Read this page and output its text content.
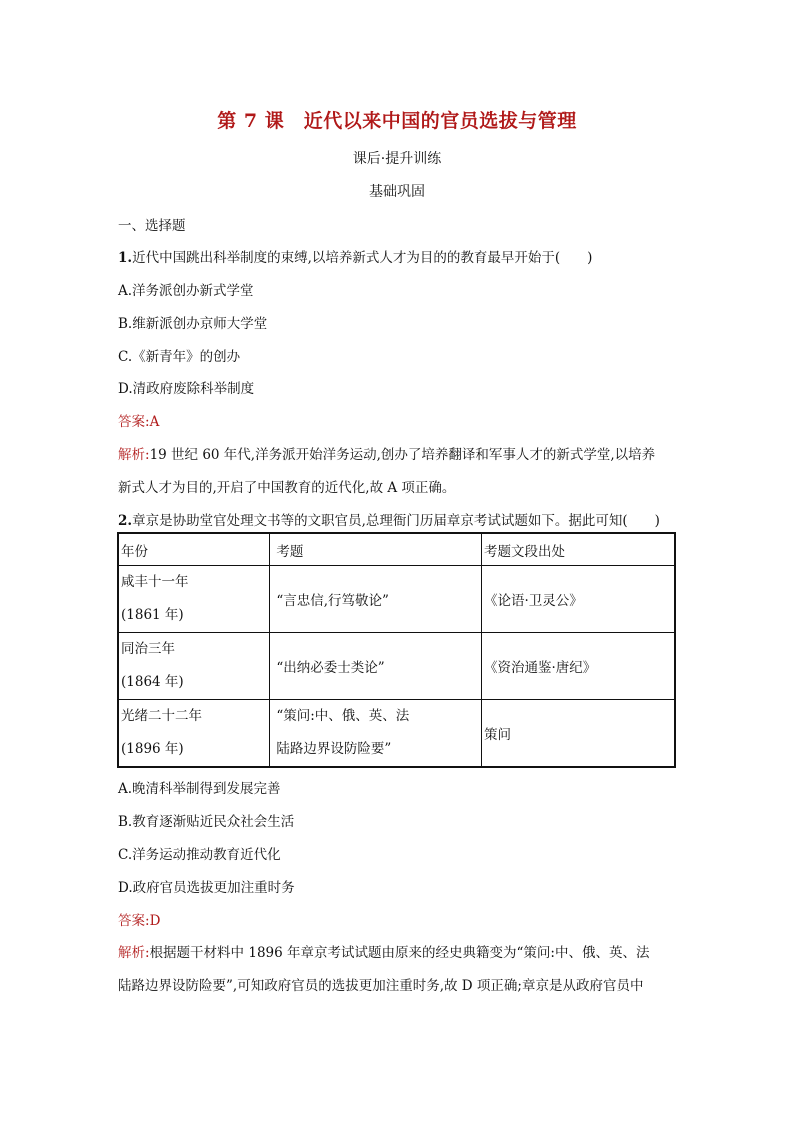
第 7 课　近代以来中国的官员选拔与管理
课后·提升训练
基础巩固
一、选择题
1.近代中国跳出科举制度的束缚,以培养新式人才为目的的教育最早开始于(　　)
A.洋务派创办新式学堂
B.维新派创办京师大学堂
C.《新青年》的创办
D.清政府废除科举制度
答案:A
解析:19 世纪 60 年代,洋务派开始洋务运动,创办了培养翻译和军事人才的新式学堂,以培养
新式人才为目的,开启了中国教育的近代化,故 A 项正确。
2.章京是协助堂官处理文书等的文职官员,总理衙门历届章京考试试题如下。据此可知(　　)
年份	考题	考题文段出处

咸丰十一年
(1861 年)	“言忠信,行笃敬论”	《论语·卫灵公》

同治三年
(1864 年)	“出纳必委士类论”	《资治通鉴·唐纪》

光绪二十二年
(1896 年)	“策问:中、俄、英、法
陆路边界设防险要”	策问
A.晚清科举制得到发展完善
B.教育逐渐贴近民众社会生活
C.洋务运动推动教育近代化
D.政府官员选拔更加注重时务
答案:D
解析:根据题干材料中 1896 年章京考试试题由原来的经史典籍变为“策问:中、俄、英、法
陆路边界设防险要”,可知政府官员的选拔更加注重时务,故 D 项正确;章京是从政府官员中
